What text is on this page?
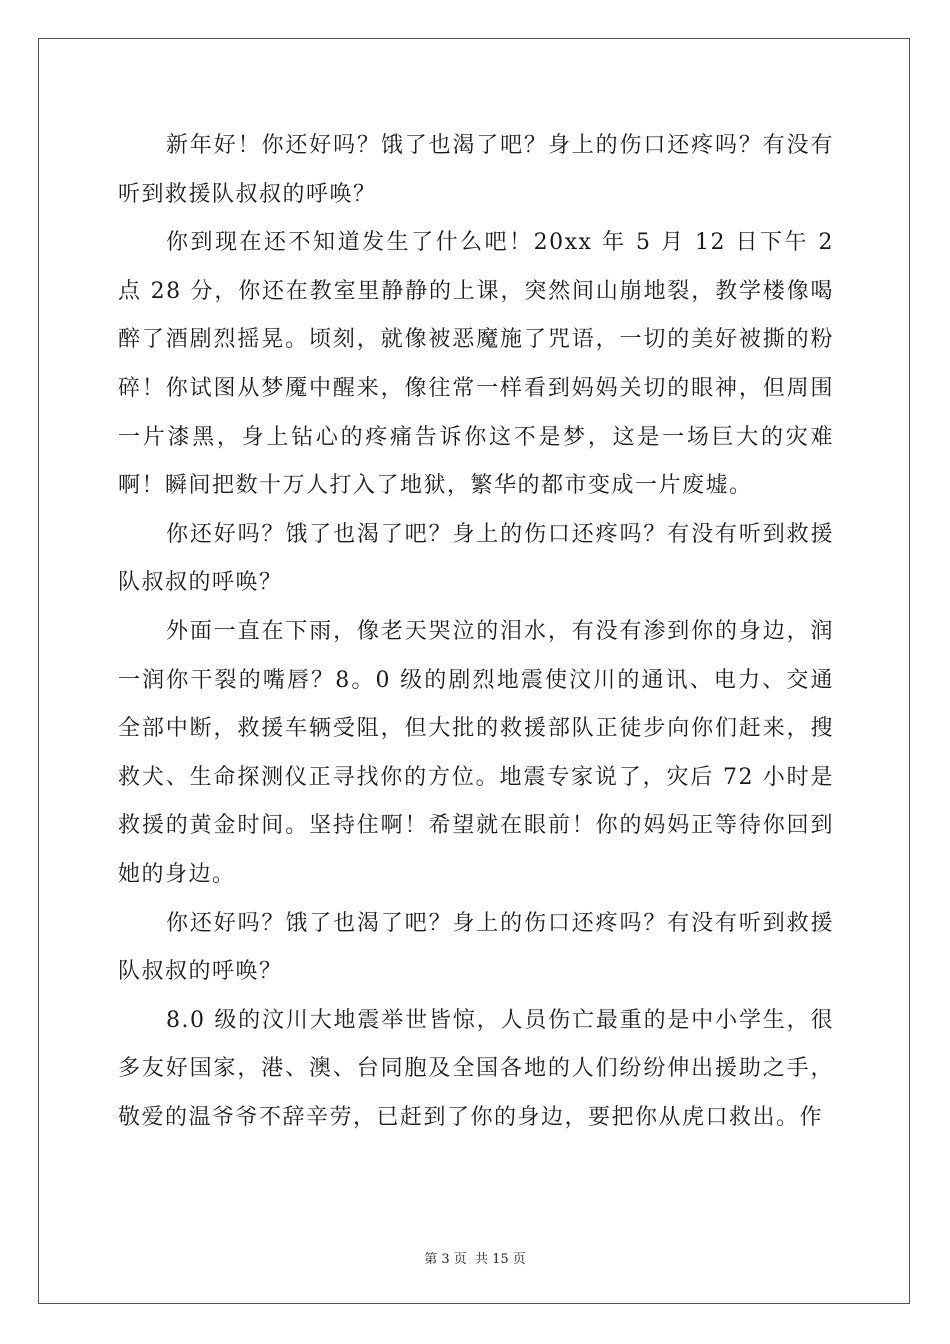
新年好！你还好吗？饿了也渴了吧？身上的伤口还疼吗？有没有听到救援队叔叔的呼唤？

你到现在还不知道发生了什么吧！20xx 年 5 月 12 日下午 2 点 28 分，你还在教室里静静的上课，突然间山崩地裂，教学楼像喝醉了酒剧烈摇晃。顷刻，就像被恶魔施了咒语，一切的美好被撕的粉碎！你试图从梦魇中醒来，像往常一样看到妈妈关切的眼神，但周围一片漆黑，身上钻心的疼痛告诉你这不是梦，这是一场巨大的灾难啊！瞬间把数十万人打入了地狱，繁华的都市变成一片废墟。

你还好吗？饿了也渴了吧？身上的伤口还疼吗？有没有听到救援队叔叔的呼唤？

外面一直在下雨，像老天哭泣的泪水，有没有渗到你的身边，润一润你干裂的嘴唇？8。0 级的剧烈地震使汶川的通讯、电力、交通全部中断，救援车辆受阻，但大批的救援部队正徒步向你们赶来，搜救犬、生命探测仪正寻找你的方位。地震专家说了，灾后 72 小时是救援的黄金时间。坚持住啊！希望就在眼前！你的妈妈正等待你回到她的身边。

你还好吗？饿了也渴了吧？身上的伤口还疼吗？有没有听到救援队叔叔的呼唤？

8.0 级的汶川大地震举世皆惊，人员伤亡最重的是中小学生，很多友好国家，港、澳、台同胞及全国各地的人们纷纷伸出援助之手，敬爱的温爷爷不辞辛劳，已赶到了你的身边，要把你从虎口救出。作

第 3 页 共 15 页
